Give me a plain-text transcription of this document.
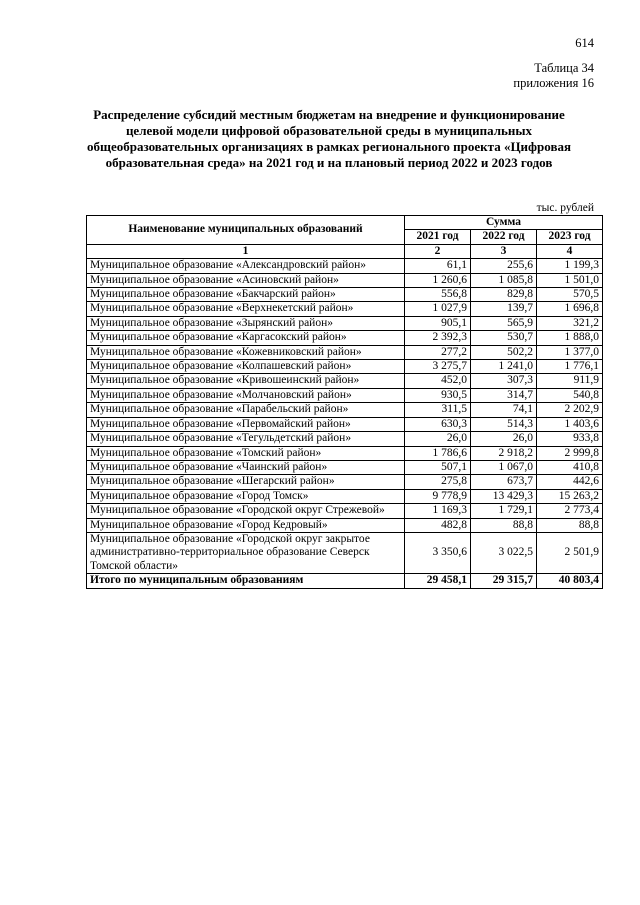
614
Таблица 34
приложения 16
Распределение субсидий местным бюджетам на внедрение и функционирование целевой модели цифровой образовательной среды в муниципальных общеобразовательных организациях в рамках регионального проекта «Цифровая образовательная среда» на 2021 год и на плановый период 2022 и 2023 годов
тыс. рублей
Наименование муниципальных образований	Сумма		
	2021 год	2022 год	2023 год
1	2	3	4
Муниципальное образование «Александровский район»	61,1	255,6	1 199,3
Муниципальное образование «Асиновский район»	1 260,6	1 085,8	1 501,0
Муниципальное образование «Бакчарский район»	556,8	829,8	570,5
Муниципальное образование «Верхнекетский район»	1 027,9	139,7	1 696,8
Муниципальное образование «Зырянский район»	905,1	565,9	321,2
Муниципальное образование «Каргасокский район»	2 392,3	530,7	1 888,0
Муниципальное образование «Кожевниковский район»	277,2	502,2	1 377,0
Муниципальное образование «Колпашевский район»	3 275,7	1 241,0	1 776,1
Муниципальное образование «Кривошеинский район»	452,0	307,3	911,9
Муниципальное образование «Молчановский район»	930,5	314,7	540,8
Муниципальное образование «Парабельский район»	311,5	74,1	2 202,9
Муниципальное образование «Первомайский район»	630,3	514,3	1 403,6
Муниципальное образование «Тегульдетский район»	26,0	26,0	933,8
Муниципальное образование «Томский район»	1 786,6	2 918,2	2 999,8
Муниципальное образование «Чаинский район»	507,1	1 067,0	410,8
Муниципальное образование «Шегарский район»	275,8	673,7	442,6
Муниципальное образование «Город Томск»	9 778,9	13 429,3	15 263,2
Муниципальное образование «Городской округ Стрежевой»	1 169,3	1 729,1	2 773,4
Муниципальное образование «Город Кедровый»	482,8	88,8	88,8
Муниципальное образование «Городской округ закрытое административно-территориальное образование Северск Томской области»	3 350,6	3 022,5	2 501,9
Итого по муниципальным образованиям	29 458,1	29 315,7	40 803,4
